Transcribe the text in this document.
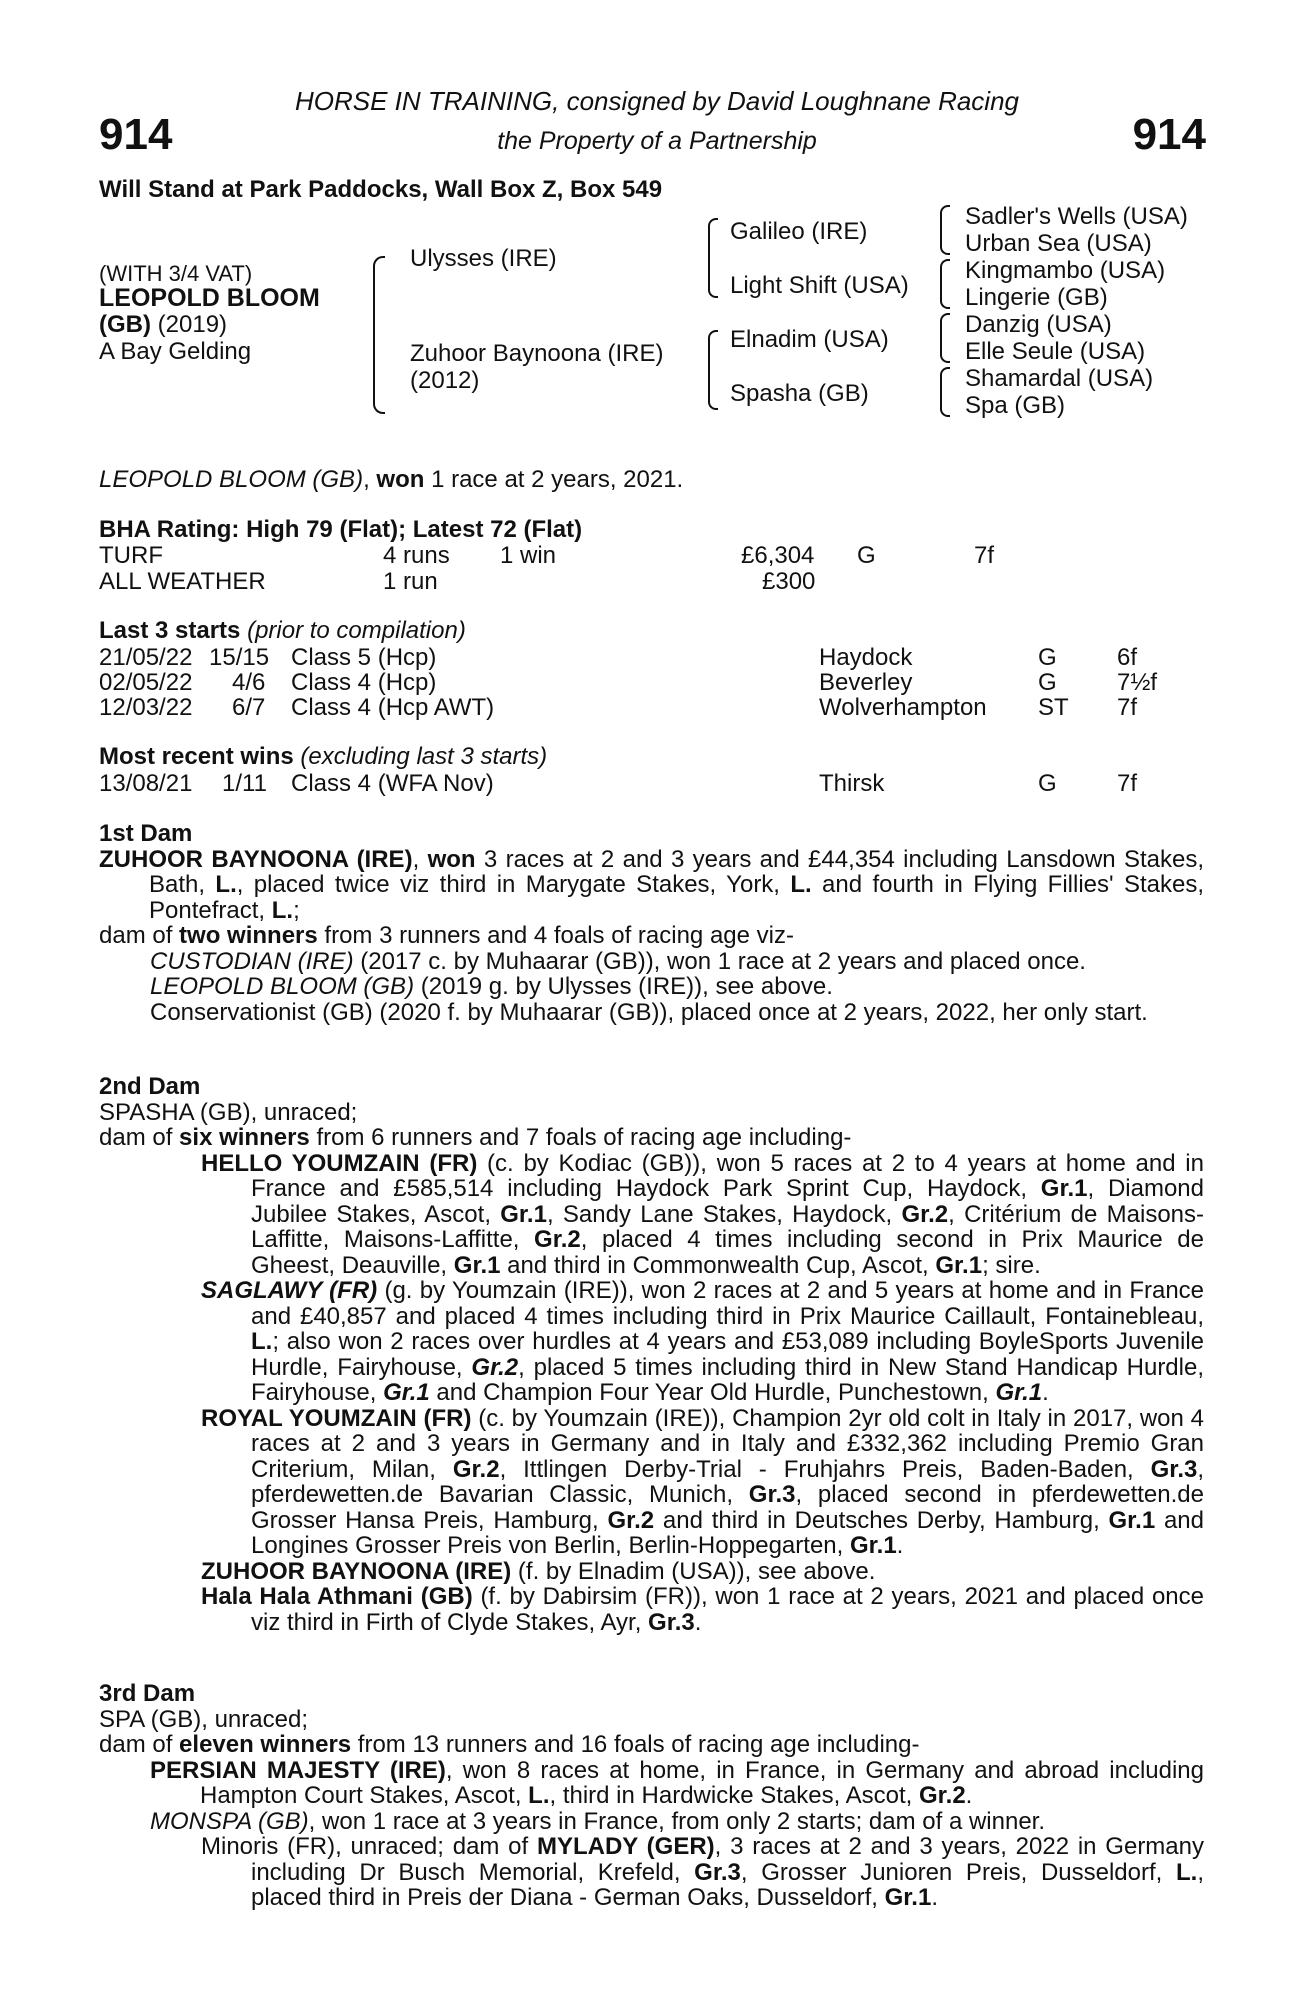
914	914
HORSE IN TRAINING, consigned by David Loughnane Racing
the Property of a Partnership
Will Stand at Park Paddocks, Wall Box Z, Box 549
(WITH 3/4 VAT)
LEOPOLD BLOOM
(GB) (2019)
A Bay Gelding
Ulysses (IRE)
Zuhoor Baynoona (IRE)
(2012)
Galileo (IRE)
Light Shift (USA)
Elnadim (USA)
Spasha (GB)
Sadler's Wells (USA)
Urban Sea (USA)
Kingmambo (USA)
Lingerie (GB)
Danzig (USA)
Elle Seule (USA)
Shamardal (USA)
Spa (GB)
LEOPOLD BLOOM (GB), won 1 race at 2 years, 2021.
BHA Rating: High 79 (Flat); Latest 72 (Flat)
TURF	4 runs 1 win	£6,304 G	7f
ALL WEATHER	1 run	£300
Last 3 starts (prior to compilation)
21/05/22 15/15 Class 5 (Hcp)	Haydock	G	6f
02/05/22 4/6 Class 4 (Hcp)	Beverley	G	7½f
12/03/22 6/7 Class 4 (Hcp AWT)	Wolverhampton ST 7f
Most recent wins (excluding last 3 starts)
13/08/21 1/11 Class 4 (WFA Nov)	Thirsk	G	7f

1st Dam

ZUHOOR BAYNOONA (IRE), won 3 races at 2 and 3 years and £44,354 including Lansdown Stakes, Bath, L., placed twice viz third in Marygate Stakes, York, L. and fourth in Flying Fillies' Stakes, Pontefract, L.;

dam of two winners from 3 runners and 4 foals of racing age viz-

CUSTODIAN (IRE) (2017 c. by Muhaarar (GB)), won 1 race at 2 years and placed once.

LEOPOLD BLOOM (GB) (2019 g. by Ulysses (IRE)), see above.

Conservationist (GB) (2020 f. by Muhaarar (GB)), placed once at 2 years, 2022, her only start.

2nd Dam

SPASHA (GB), unraced;

dam of six winners from 6 runners and 7 foals of racing age including-

HELLO YOUMZAIN (FR) (c. by Kodiac (GB)), won 5 races at 2 to 4 years at home and in France and £585,514 including Haydock Park Sprint Cup, Haydock, Gr.1, Diamond Jubilee Stakes, Ascot, Gr.1, Sandy Lane Stakes, Haydock, Gr.2, Critérium de Maisons-Laffitte, Maisons-Laffitte, Gr.2, placed 4 times including second in Prix Maurice de Gheest, Deauville, Gr.1 and third in Commonwealth Cup, Ascot, Gr.1; sire.

SAGLAWY (FR) (g. by Youmzain (IRE)), won 2 races at 2 and 5 years at home and in France and £40,857 and placed 4 times including third in Prix Maurice Caillault, Fontainebleau, L.; also won 2 races over hurdles at 4 years and £53,089 including BoyleSports Juvenile Hurdle, Fairyhouse, Gr.2, placed 5 times including third in New Stand Handicap Hurdle, Fairyhouse, Gr.1 and Champion Four Year Old Hurdle, Punchestown, Gr.1.

ROYAL YOUMZAIN (FR) (c. by Youmzain (IRE)), Champion 2yr old colt in Italy in 2017, won 4 races at 2 and 3 years in Germany and in Italy and £332,362 including Premio Gran Criterium, Milan, Gr.2, Ittlingen Derby-Trial - Fruhjahrs Preis, Baden-Baden, Gr.3, pferdewetten.de Bavarian Classic, Munich, Gr.3, placed second in pferdewetten.de Grosser Hansa Preis, Hamburg, Gr.2 and third in Deutsches Derby, Hamburg, Gr.1 and Longines Grosser Preis von Berlin, Berlin-Hoppegarten, Gr.1.

ZUHOOR BAYNOONA (IRE) (f. by Elnadim (USA)), see above.

Hala Hala Athmani (GB) (f. by Dabirsim (FR)), won 1 race at 2 years, 2021 and placed once viz third in Firth of Clyde Stakes, Ayr, Gr.3.

3rd Dam

SPA (GB), unraced;

dam of eleven winners from 13 runners and 16 foals of racing age including-

PERSIAN MAJESTY (IRE), won 8 races at home, in France, in Germany and abroad including Hampton Court Stakes, Ascot, L., third in Hardwicke Stakes, Ascot, Gr.2.

MONSPA (GB), won 1 race at 3 years in France, from only 2 starts; dam of a winner.

Minoris (FR), unraced; dam of MYLADY (GER), 3 races at 2 and 3 years, 2022 in Germany including Dr Busch Memorial, Krefeld, Gr.3, Grosser Junioren Preis, Dusseldorf, L., placed third in Preis der Diana - German Oaks, Dusseldorf, Gr.1.
